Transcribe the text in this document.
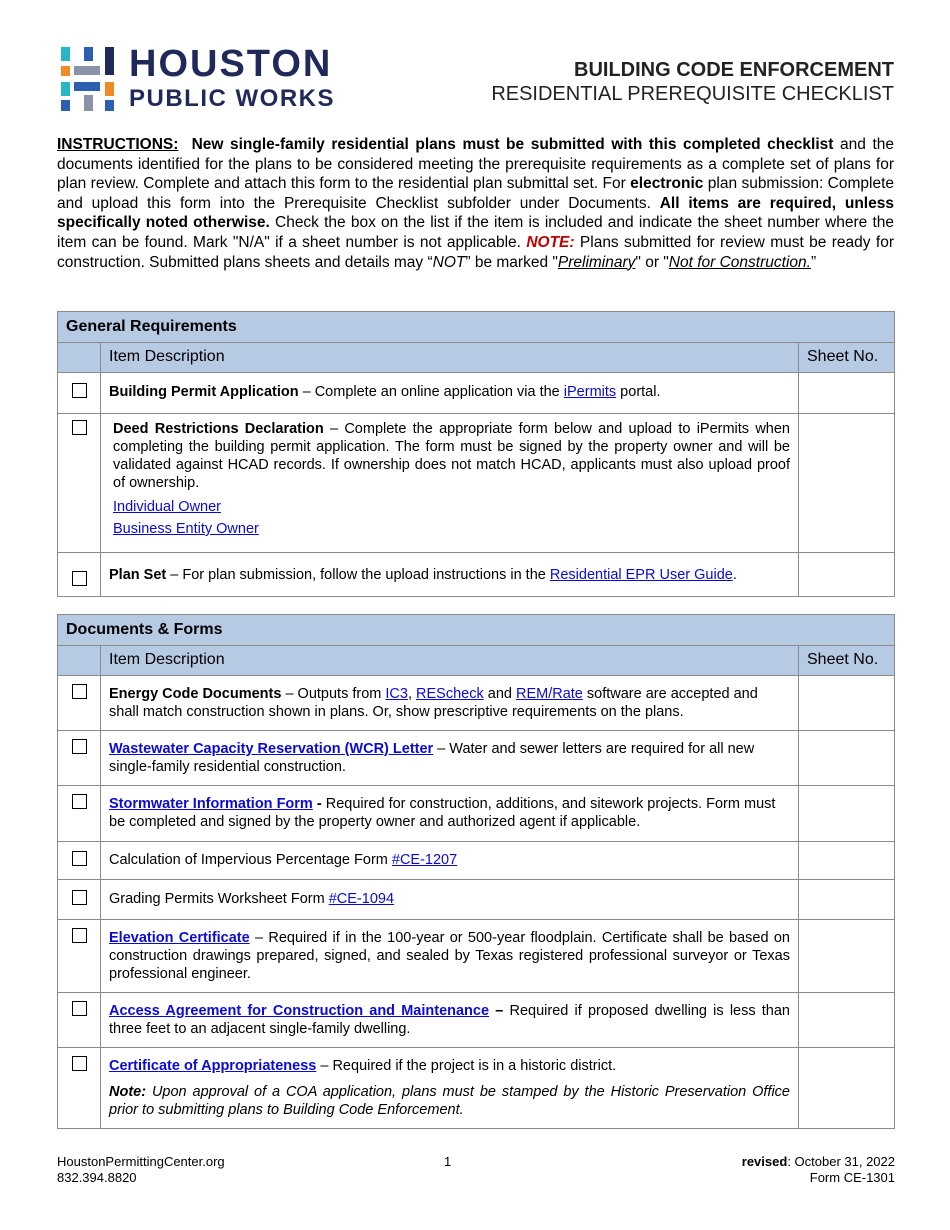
HOUSTON
PUBLIC WORKS
BUILDING CODE ENFORCEMENT
RESIDENTIAL PREREQUISITE CHECKLIST
INSTRUCTIONS: New single-family residential plans must be submitted with this completed checklist and the documents identified for the plans to be considered meeting the prerequisite requirements as a complete set of plans for plan review. Complete and attach this form to the residential plan submittal set. For electronic plan submission: Complete and upload this form into the Prerequisite Checklist subfolder under Documents. All items are required, unless specifically noted otherwise. Check the box on the list if the item is included and indicate the sheet number where the item can be found. Mark "N/A" if a sheet number is not applicable. NOTE: Plans submitted for review must be ready for construction. Submitted plans sheets and details may “NOT” be marked "Preliminary" or "Not for Construction.”
General Requirements		
	Item Description	Sheet No.
	Building Permit Application – Complete an online application via the iPermits portal.	

	Deed Restrictions Declaration – Complete the appropriate form below and upload to iPermits when completing the building permit application. The form must be signed by the property owner and will be validated against HCAD records. If ownership does not match HCAD, applicants must also upload proof of ownership.

Individual Owner

Business Entity Owner	

	Plan Set – For plan submission, follow the upload instructions in the Residential EPR User Guide.	
Documents & Forms		
	Item Description	Sheet No.
	Energy Code Documents – Outputs from IC3, REScheck and REM/Rate software are accepted and shall match construction shown in plans. Or, show prescriptive requirements on the plans.	
	Wastewater Capacity Reservation (WCR) Letter – Water and sewer letters are required for all new single-family residential construction.	
	Stormwater Information Form - Required for construction, additions, and sitework projects. Form must be completed and signed by the property owner and authorized agent if applicable.	
	Calculation of Impervious Percentage Form #CE-1207	
	Grading Permits Worksheet Form #CE-1094	
	Elevation Certificate – Required if in the 100-year or 500-year floodplain. Certificate shall be based on construction drawings prepared, signed, and sealed by Texas registered professional surveyor or Texas professional engineer.	
	Access Agreement for Construction and Maintenance – Required if proposed dwelling is less than three feet to an adjacent single-family dwelling.	

	Certificate of Appropriateness – Required if the project is in a historic district.

Note: Upon approval of a COA application, plans must be stamped by the Historic Preservation Office prior to submitting plans to Building Code Enforcement.	

HoustonPermittingCenter.org
832.394.8820
1	revised: October 31, 2022
Form CE-1301
